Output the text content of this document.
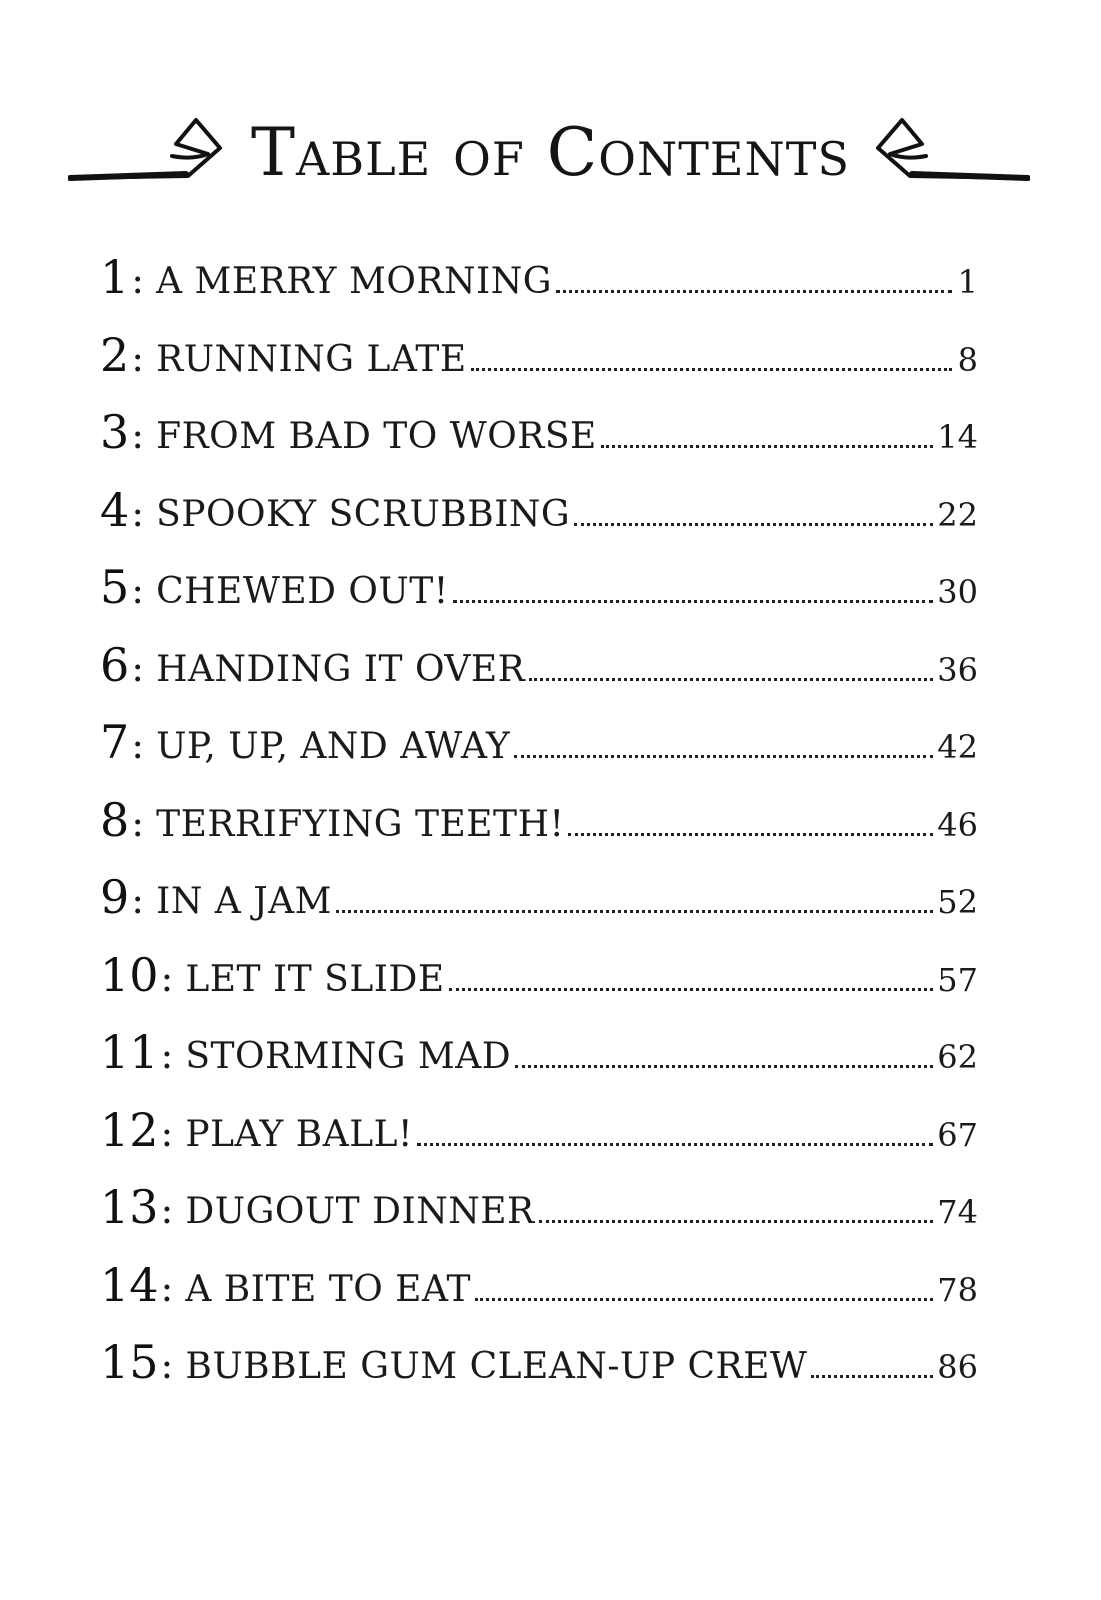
Table of Contents
1 : A MERRY MORNING	1
2 : RUNNING LATE	8
3 : FROM BAD TO WORSE	14
4 : SPOOKY SCRUBBING	22
5 : CHEWED OUT!	30
6 : HANDING IT OVER	36
7 : UP, UP, AND AWAY	42
8 : TERRIFYING TEETH!	46
9 : IN A JAM	52
10 : LET IT SLIDE	57
11 : STORMING MAD	62
12 : PLAY BALL!	67
13 : DUGOUT DINNER	74
14 : A BITE TO EAT	78
15 : BUBBLE GUM CLEAN-UP CREW	86
